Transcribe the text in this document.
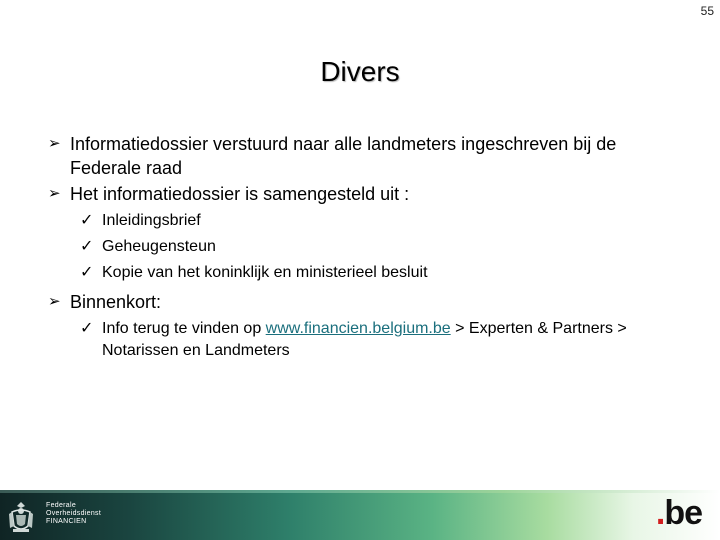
55
Divers
➢ Informatiedossier verstuurd naar alle landmeters ingeschreven bij de Federale raad
➢ Het informatiedossier is samengesteld uit :
✓ Inleidingsbrief
✓ Geheugensteun
✓ Kopie van het koninklijk en ministerieel besluit
➢ Binnenkort:
✓ Info terug te vinden op www.financien.belgium.be > Experten & Partners > Notarissen en Landmeters
Federale
Overheidsdienst
FINANCIEN	.be
